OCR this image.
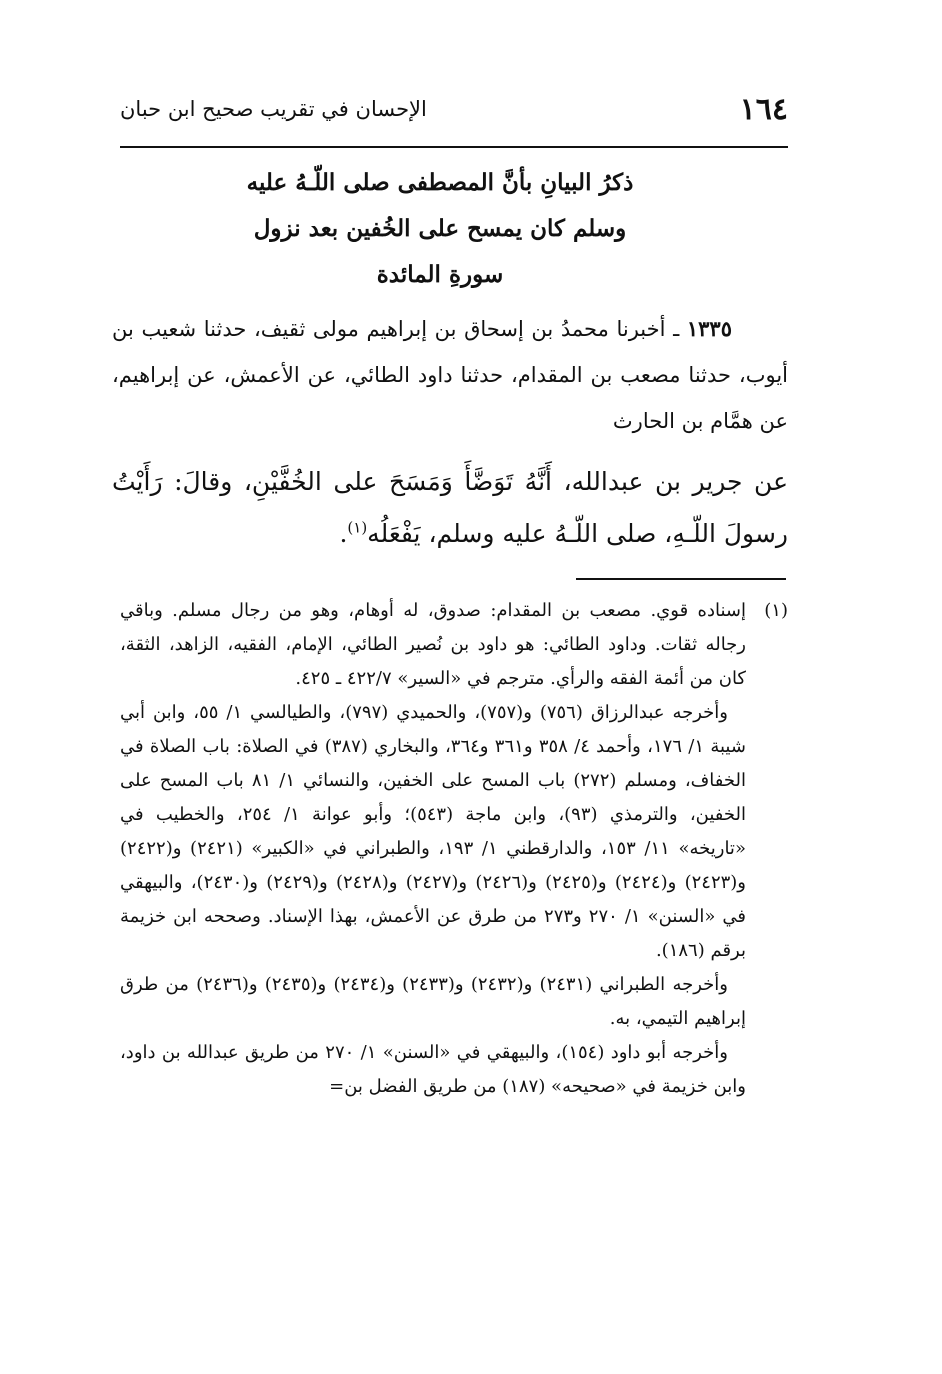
١٦٤
الإحسان في تقريب صحيح ابن حبان

ذكرُ البيانِ بأنَّ المصطفى صلى اللّـهُ عليه

وسلم كان يمسح على الخُفين بعد نزول

سورةِ المائدة

١٣٣٥ ـ أخبرنا محمدُ بن إسحاق بن إبراهيم مولى ثقيف، حدثنا شعيب بن أيوب، حدثنا مصعب بن المقدام، حدثنا داود الطائي، عن الأعمش، عن إبراهيم، عن همَّام بن الحارث

عن جرير بن عبدالله، أَنَّهُ تَوَضَّأَ وَمَسَحَ على الخُفَّيْنِ، وقالَ: رَأَيْتُ رسولَ اللّـهِ، صلى اللّـهُ عليه وسلم، يَفْعَلُه$^{(١)}$.

(١)
إسناده قوي. مصعب بن المقدام: صدوق، له أوهام، وهو من رجال مسلم. وباقي رجاله ثقات. وداود الطائي: هو داود بن نُصير الطائي، الإمام، الفقيه، الزاهد، الثقة، كان من أئمة الفقه والرأي. مترجم في «السير» ٤٢٢/٧ ـ ٤٢٥.

وأخرجه عبدالرزاق (٧٥٦) و(٧٥٧)، والحميدي (٧٩٧)، والطيالسي ١/ ٥٥، وابن أبي شيبة ١/ ١٧٦، وأحمد ٤/ ٣٥٨ و٣٦١ و٣٦٤، والبخاري (٣٨٧) في الصلاة: باب الصلاة في الخفاف، ومسلم (٢٧٢) باب المسح على الخفين، والنسائي ١/ ٨١ باب المسح على الخفين، والترمذي (٩٣)، وابن ماجة (٥٤٣)؛ وأبو عوانة ١/ ٢٥٤، والخطيب في «تاريخه» ١١/ ١٥٣، والدارقطني ١/ ١٩٣، والطبراني في «الكبير» (٢٤٢١) و(٢٤٢٢) و(٢٤٢٣) و(٢٤٢٤) و(٢٤٢٥) و(٢٤٢٦) و(٢٤٢٧) و(٢٤٢٨) و(٢٤٢٩) و(٢٤٣٠)، والبيهقي في «السنن» ١/ ٢٧٠ و٢٧٣ من طرق عن الأعمش، بهذا الإسناد. وصححه ابن خزيمة برقم (١٨٦).

وأخرجه الطبراني (٢٤٣١) و(٢٤٣٢) و(٢٤٣٣) و(٢٤٣٤) و(٢٤٣٥) و(٢٤٣٦) من طرق إبراهيم التيمي، به.

وأخرجه أبو داود (١٥٤)، والبيهقي في «السنن» ١/ ٢٧٠ من طريق عبدالله بن داود، وابن خزيمة في «صحيحه» (١٨٧) من طريق الفضل بن=
